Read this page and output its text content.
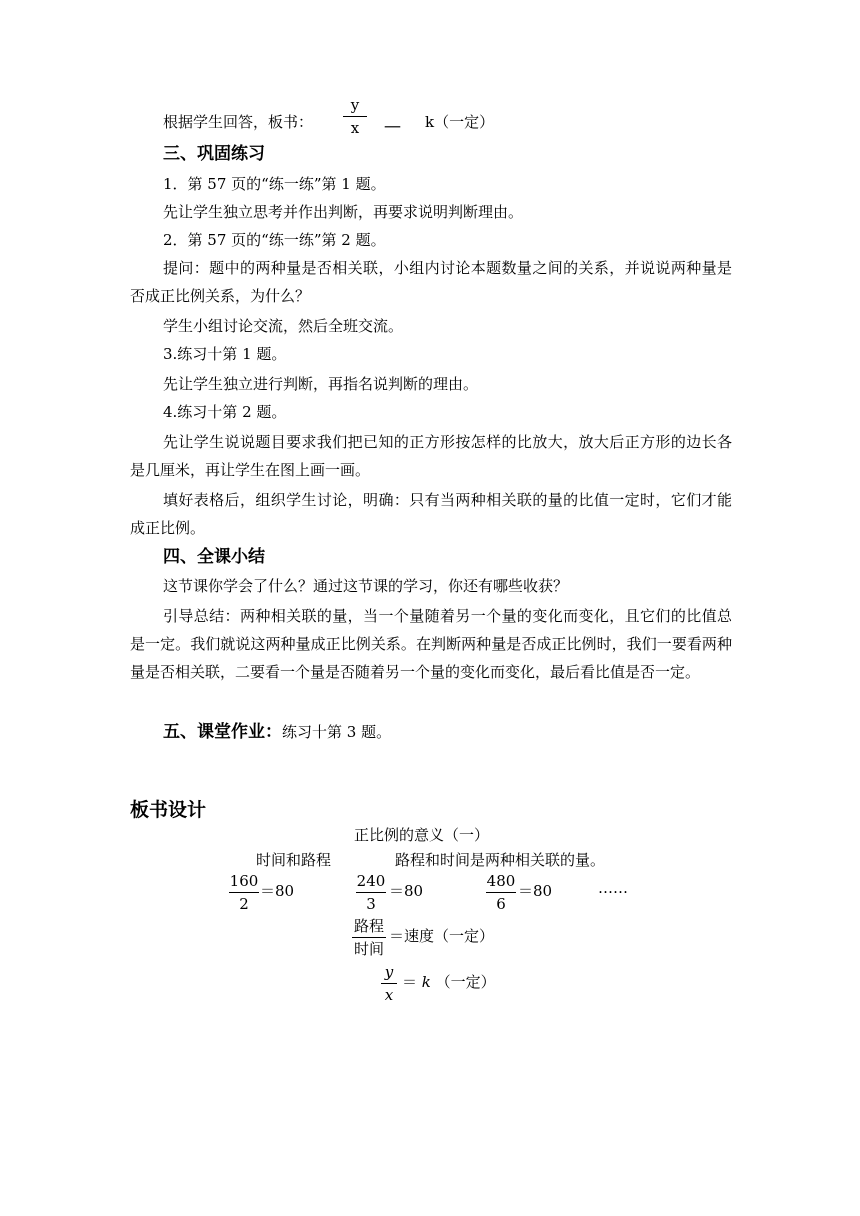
根据学生回答，板书：
y
x	＿ k（一定）
三、巩固练习
1．第 57 页的“练一练”第 1 题。
先让学生独立思考并作出判断，再要求说明判断理由。
2．第 57 页的“练一练”第 2 题。
提问：题中的两种量是否相关联，小组内讨论本题数量之间的关系，并说说两种量是否成正比例关系，为什么？
学生小组讨论交流，然后全班交流。
3.练习十第 1 题。
先让学生独立进行判断，再指名说判断的理由。
4.练习十第 2 题。
先让学生说说题目要求我们把已知的正方形按怎样的比放大，放大后正方形的边长各是几厘米，再让学生在图上画一画。
填好表格后，组织学生讨论，明确：只有当两种相关联的量的比值一定时，它们才能成正比例。
四、全课小结
这节课你学会了什么？通过这节课的学习，你还有哪些收获？
引导总结：两种相关联的量，当一个量随着另一个量的变化而变化，且它们的比值总是一定。我们就说这两种量成正比例关系。在判断两种量是否成正比例时，我们一要看两种量是否相关联，二要看一个量是否随着另一个量的变化而变化，最后看比值是否一定。
五、课堂作业：练习十第 3 题。
板书设计
正比例的意义（一）
时间和路程	路程和时间是两种相关联的量。
160
2
＝80
240
3
＝80
480
6
＝80	……
路程
时间
＝速度（一定）
y
x
＝ k （一定）
